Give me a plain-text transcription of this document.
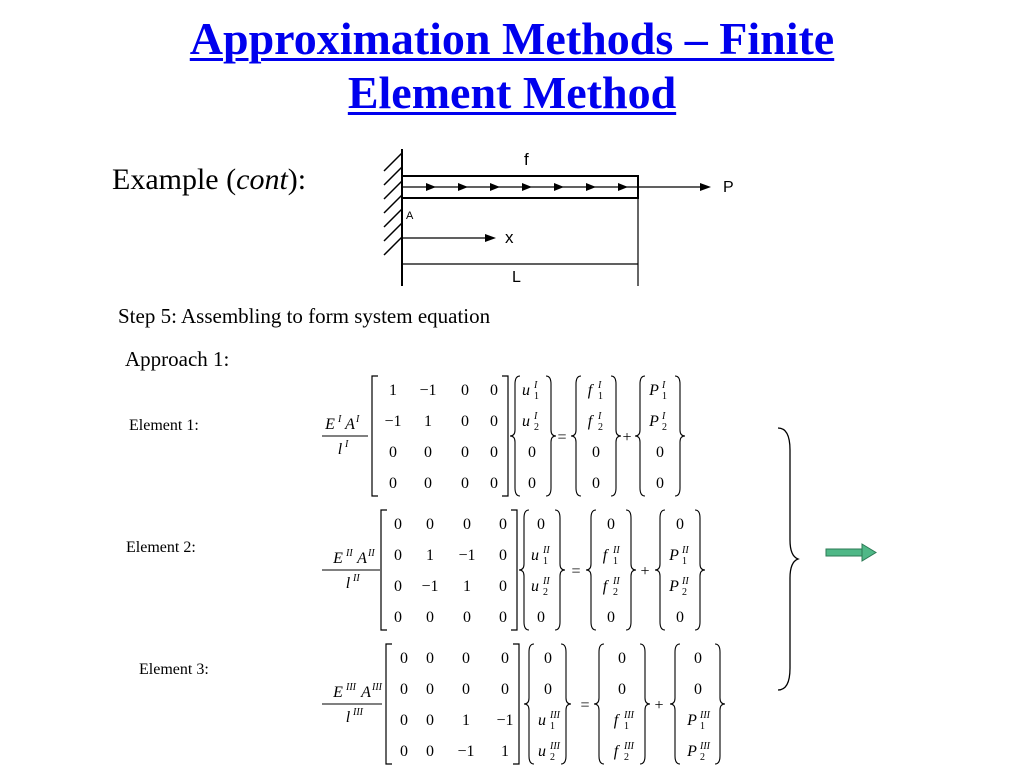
Approximation Methods – Finite
Element Method
Example (cont):
f
P
A
x
L
Step 5: Assembling to form system equation
Approach 1:
Element 1:
Element 2:
Element 3:
E I A I
l I
1 −1 0 0
−1 1 0 0
0 0 0 0
0 0 0 0
u I
1
u I
2
0
0
=
f I
1
f I
2
0
0
+
P I
1
P I
2
0
0
E II A II
l II
0 0 0 0
0 1 −1 0
0 −1 1 0
0 0 0 0
0
u II
1
u II
2
0
=
0
f II
1
f II
2
0
+
0
P II
1
P II
2
0
E III A III
l III
0 0 0 0
0 0 0 0
0 0 1 −1
0 0 −1 1
0
0
u III
1
u III
2
=
0
0
f III
1
f III
2
+
0
0
P III
1
P III
2
